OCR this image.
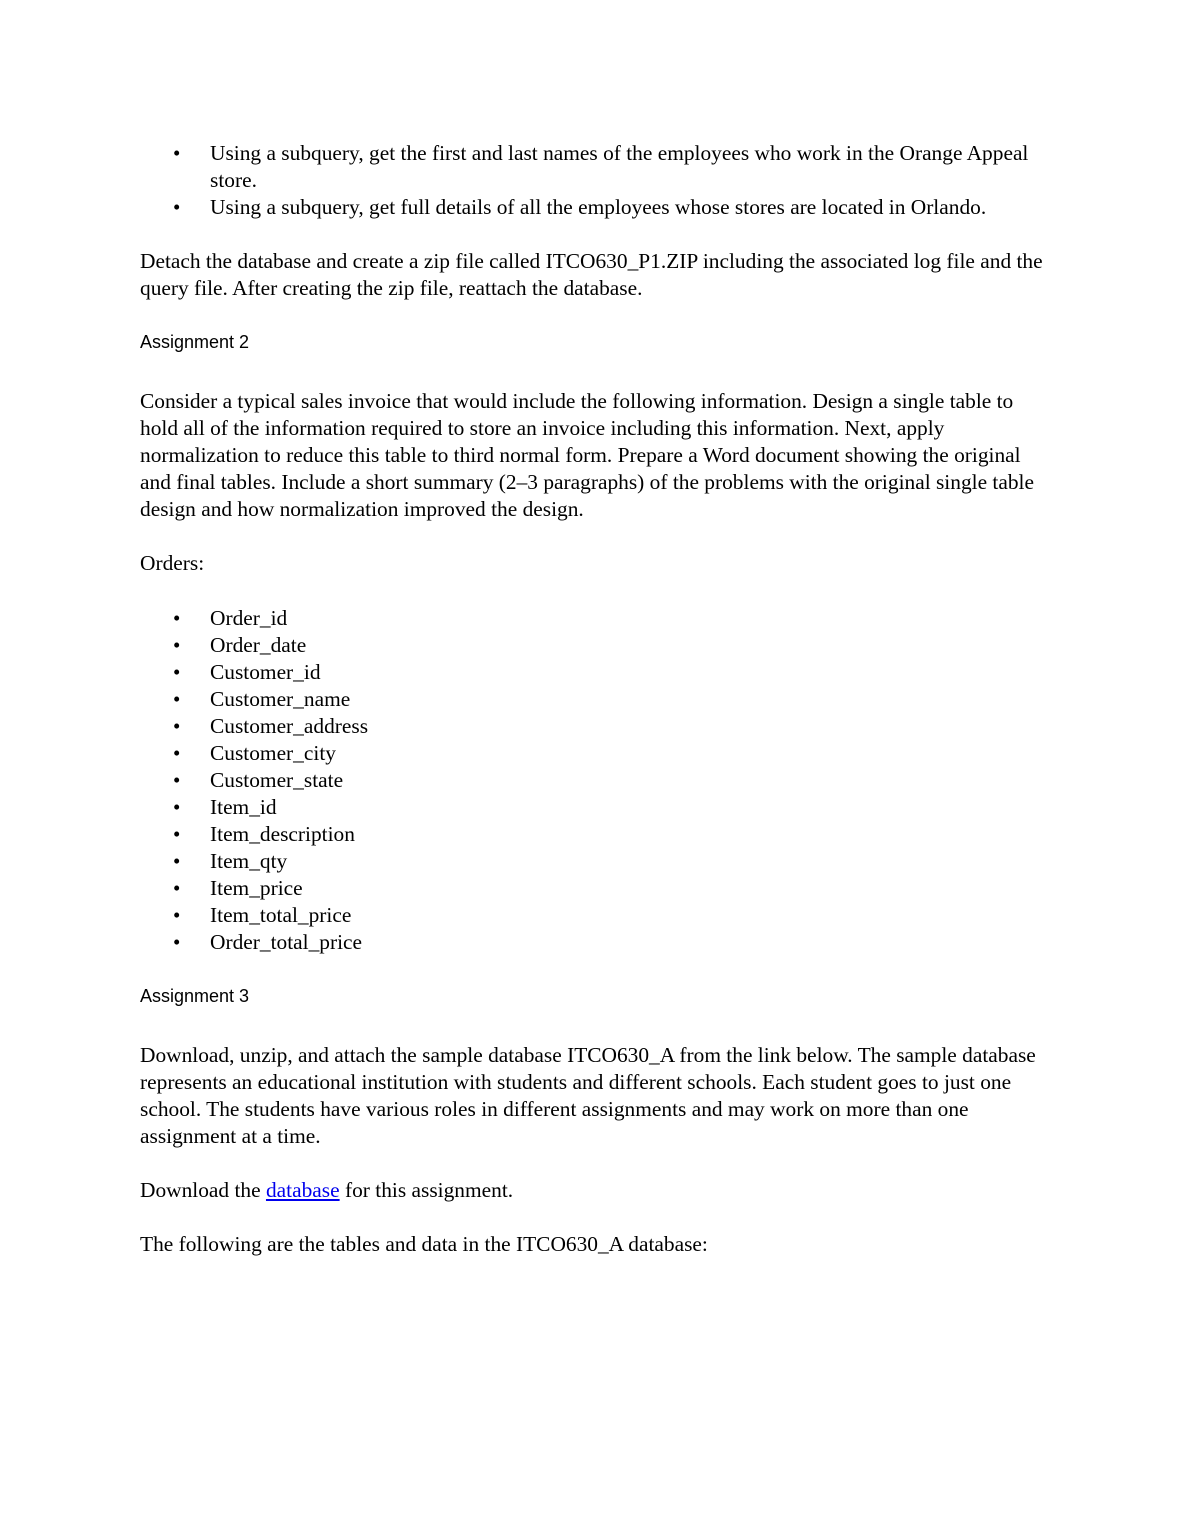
• Using a subquery, get the first and last names of the employees who work in the Orange Appeal store.
• Using a subquery, get full details of all the employees whose stores are located in Orlando.

Detach the database and create a zip file called ITCO630_P1.ZIP including the associated log file and the query file. After creating the zip file, reattach the database.

Assignment 2

Consider a typical sales invoice that would include the following information. Design a single table to hold all of the information required to store an invoice including this information. Next, apply normalization to reduce this table to third normal form. Prepare a Word document showing the original and final tables. Include a short summary (2–3 paragraphs) of the problems with the original single table design and how normalization improved the design.

Orders:

• Order_id
• Order_date
• Customer_id
• Customer_name
• Customer_address
• Customer_city
• Customer_state
• Item_id
• Item_description
• Item_qty
• Item_price
• Item_total_price
• Order_total_price

Assignment 3

Download, unzip, and attach the sample database ITCO630_A from the link below. The sample database represents an educational institution with students and different schools. Each student goes to just one school. The students have various roles in different assignments and may work on more than one assignment at a time.

Download the database for this assignment.

The following are the tables and data in the ITCO630_A database:
